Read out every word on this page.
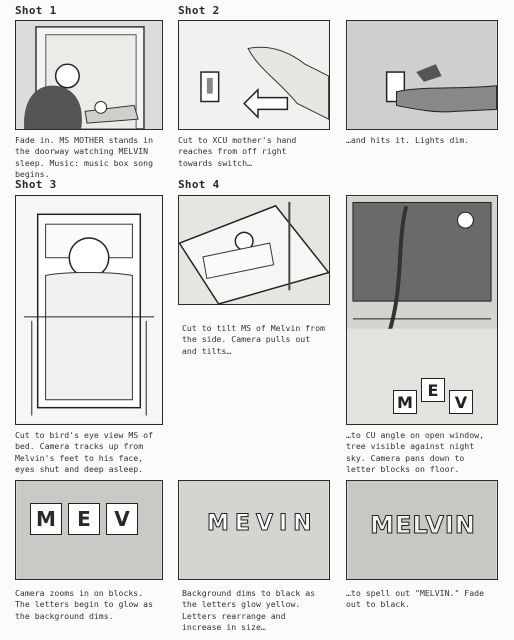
Shot 1	Shot 2
Shot 3	Shot 4
Fade in. MS MOTHER stands in
the doorway watching MELVIN
sleep. Music: music box song
begins.
Cut to XCU mother's hand
reaches from off right
towards switch…
…and hits it. Lights dim.
M
E
V
Cut to tilt MS of Melvin from
the side. Camera pulls out
and tilts…
Cut to bird's eye view MS of
bed. Camera tracks up from
Melvin's feet to his face,
eyes shut and deep asleep.
…to CU angle on open window,
tree visible against night
sky. Camera pans down to
letter blocks on floor.
M	E	V	M E V I N	MELVIN
Camera zooms in on blocks.
The letters begin to glow as
the background dims.
Background dims to black as
the letters glow yellow.
Letters rearrange and
increase in size…
…to spell out "MELVIN." Fade
out to black.
